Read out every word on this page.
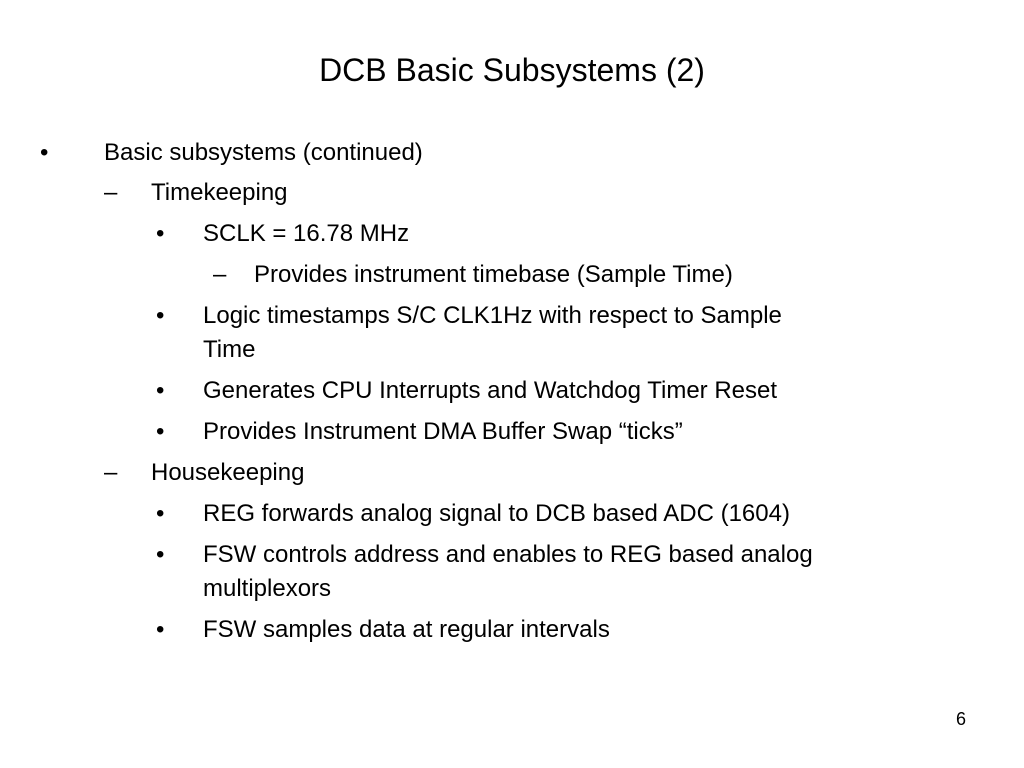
DCB Basic Subsystems (2)
• Basic subsystems (continued)
– Timekeeping
• SCLK = 16.78 MHz
– Provides instrument timebase (Sample Time)
• Logic timestamps S/C CLK1Hz with respect to Sample
Time
• Generates CPU Interrupts and Watchdog Timer Reset
• Provides Instrument DMA Buffer Swap “ticks”
– Housekeeping
• REG forwards analog signal to DCB based ADC (1604)
• FSW controls address and enables to REG based analog
multiplexors
• FSW samples data at regular intervals
6
